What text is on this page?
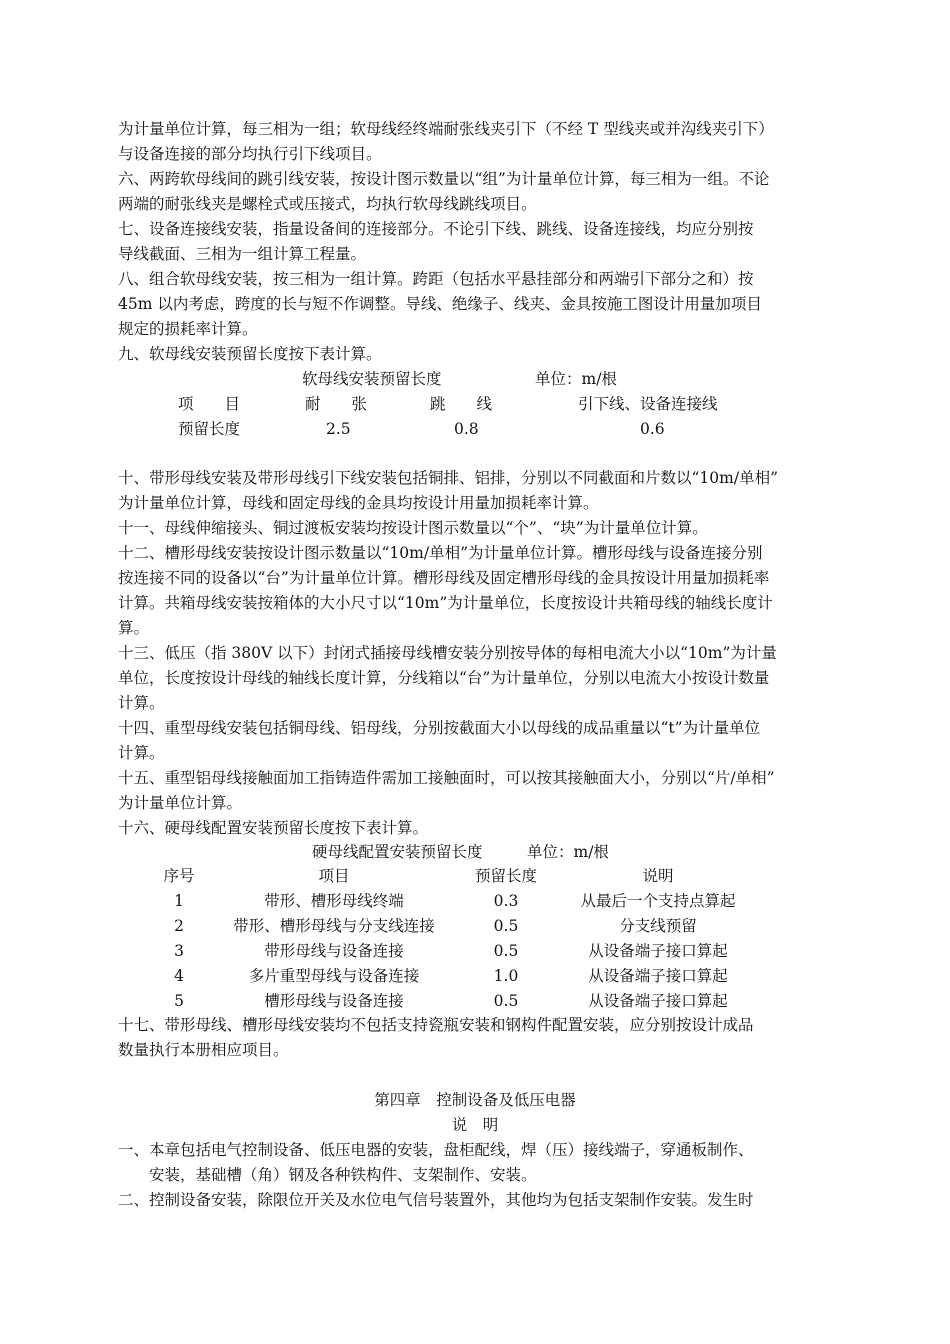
为计量单位计算，每三相为一组；软母线经终端耐张线夹引下（不经 T 型线夹或并沟线夹引下）
与设备连接的部分均执行引下线项目。
六、两跨软母线间的跳引线安装，按设计图示数量以“组”为计量单位计算，每三相为一组。不论
两端的耐张线夹是螺栓式或压接式，均执行软母线跳线项目。
七、设备连接线安装，指量设备间的连接部分。不论引下线、跳线、设备连接线，均应分别按
导线截面、三相为一组计算工程量。
八、组合软母线安装，按三相为一组计算。跨距（包括水平悬挂部分和两端引下部分之和）按
45m 以内考虑，跨度的长与短不作调整。导线、绝缘子、线夹、金具按施工图设计用量加项目
规定的损耗率计算。
九、软母线安装预留长度按下表计算。
软母线安装预留长度	单位：m/根
项　　目	耐　　张	跳　　线	引下线、设备连接线
预留长度	2.5	0.8	0.6
十、带形母线安装及带形母线引下线安装包括铜排、铝排，分别以不同截面和片数以“10m/单相”
为计量单位计算，母线和固定母线的金具均按设计用量加损耗率计算。
十一、母线伸缩接头、铜过渡板安装均按设计图示数量以“个”、“块”为计量单位计算。
十二、槽形母线安装按设计图示数量以“10m/单相”为计量单位计算。槽形母线与设备连接分别
按连接不同的设备以“台”为计量单位计算。槽形母线及固定槽形母线的金具按设计用量加损耗率
计算。共箱母线安装按箱体的大小尺寸以“10m”为计量单位，长度按设计共箱母线的轴线长度计
算。
十三、低压（指 380V 以下）封闭式插接母线槽安装分别按导体的每相电流大小以“10m”为计量
单位，长度按设计母线的轴线长度计算，分线箱以“台”为计量单位，分别以电流大小按设计数量
计算。
十四、重型母线安装包括铜母线、铝母线，分别按截面大小以母线的成品重量以“t”为计量单位
计算。
十五、重型铝母线接触面加工指铸造件需加工接触面时，可以按其接触面大小，分别以“片/单相”
为计量单位计算。
十六、硬母线配置安装预留长度按下表计算。
硬母线配置安装预留长度	单位：m/根
序号	项目	预留长度	说明
1	带形、槽形母线终端	0.3	从最后一个支持点算起
2	带形、槽形母线与分支线连接	0.5	分支线预留
3	带形母线与设备连接	0.5	从设备端子接口算起
4	多片重型母线与设备连接	1.0	从设备端子接口算起
5	槽形母线与设备连接	0.5	从设备端子接口算起
十七、带形母线、槽形母线安装均不包括支持瓷瓶安装和钢构件配置安装，应分别按设计成品
数量执行本册相应项目。
第四章　控制设备及低压电器
说　明
一、本章包括电气控制设备、低压电器的安装，盘柜配线，焊（压）接线端子，穿通板制作、
　　安装，基础槽（角）钢及各种铁构件、支架制作、安装。
二、控制设备安装，除限位开关及水位电气信号装置外，其他均为包括支架制作安装。发生时
